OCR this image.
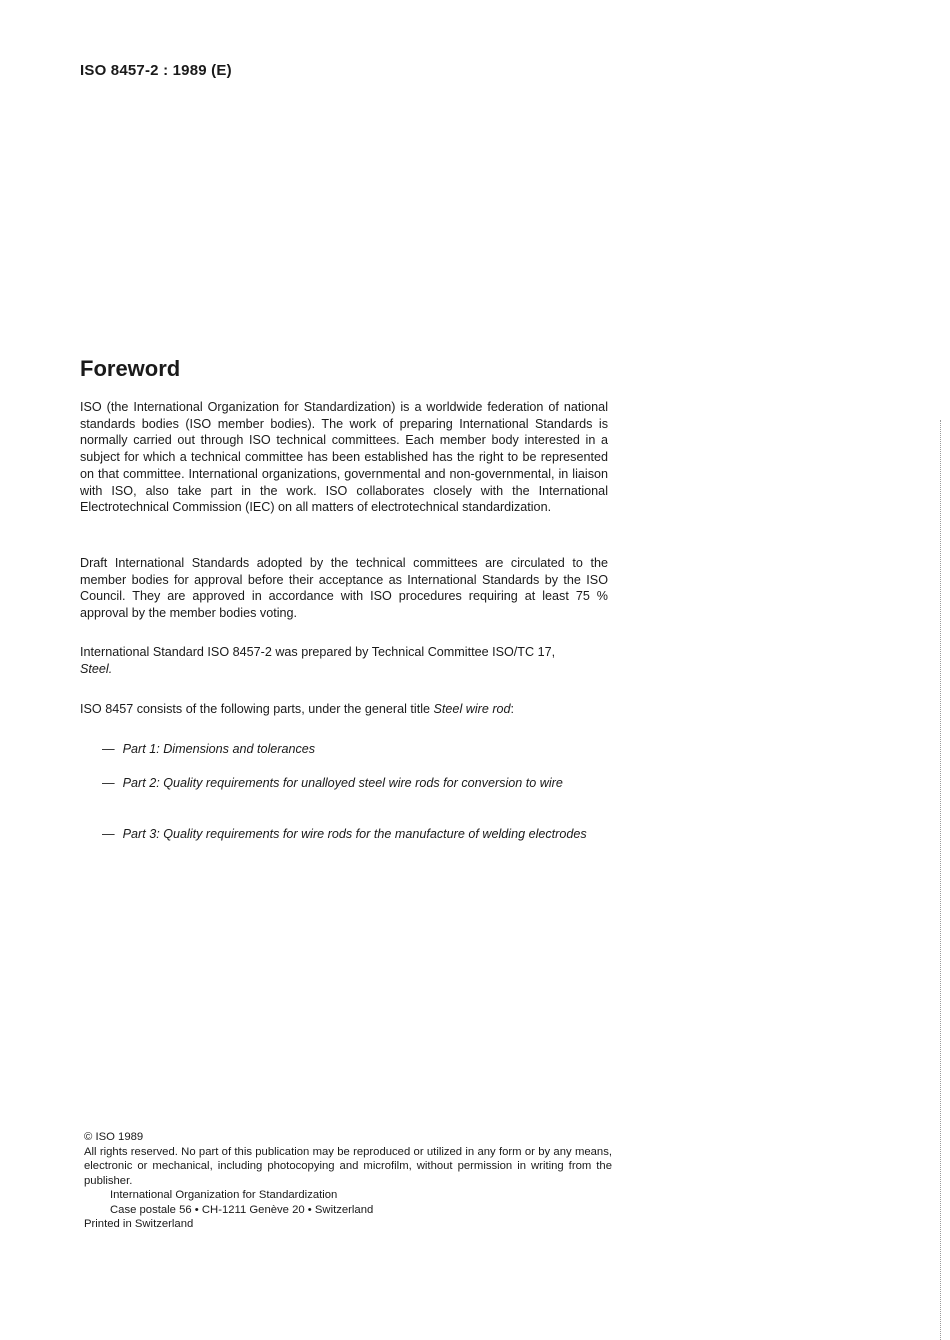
ISO 8457-2 : 1989 (E)
Foreword

ISO (the International Organization for Standardization) is a worldwide federation of national standards bodies (ISO member bodies). The work of preparing International Standards is normally carried out through ISO technical committees. Each member body interested in a subject for which a technical committee has been established has the right to be represented on that committee. International organizations, governmental and non-governmental, in liaison with ISO, also take part in the work. ISO collaborates closely with the International Electrotechnical Commission (IEC) on all matters of electrotechnical standardization.

Draft International Standards adopted by the technical committees are circulated to the member bodies for approval before their acceptance as International Standards by the ISO Council. They are approved in accordance with ISO procedures requiring at least 75 % approval by the member bodies voting.

International Standard ISO 8457-2 was prepared by Technical Committee ISO/TC 17,
Steel.

ISO 8457 consists of the following parts, under the general title Steel wire rod:

— Part 1: Dimensions and tolerances

— Part 2: Quality requirements for unalloyed steel wire rods for conversion to wire

— Part 3: Quality requirements for wire rods for the manufacture of welding electrodes

© ISO 1989
All rights reserved. No part of this publication may be reproduced or utilized in any form or by any means, electronic or mechanical, including photocopying and microfilm, without permission in writing from the publisher.
International Organization for Standardization
Case postale 56 • CH-1211 Genève 20 • Switzerland
Printed in Switzerland
